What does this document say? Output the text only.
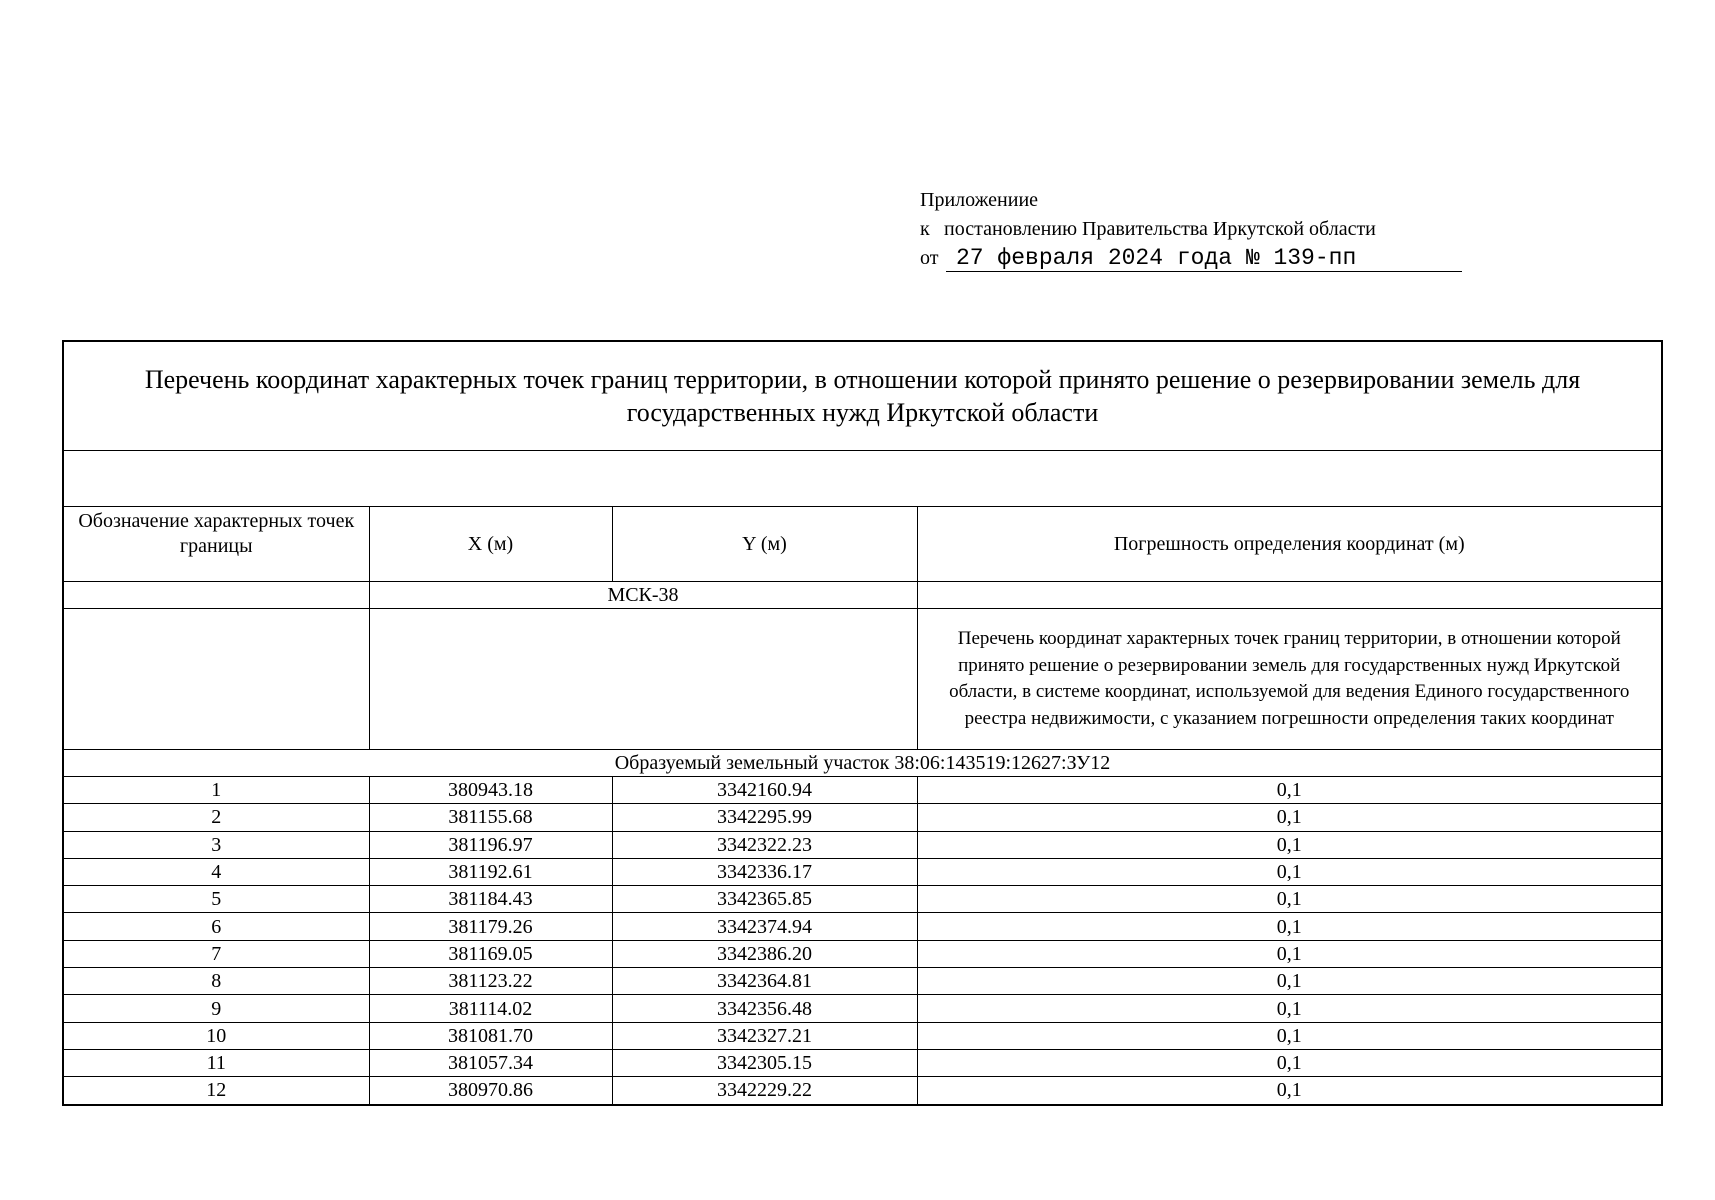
Приложениие
к постановлению Правительства Иркутской области
от 27 февраля 2024 года № 139-пп
Перечень координат характерных точек границ территории, в отношении которой принято решение о резервировании земель для государственных нужд Иркутской области			

Обозначение характерных точек границы	X (м)	Y (м)	Погрешность определения координат (м)
	МСК-38		
			Перечень координат характерных точек границ территории, в отношении которой принято решение о резервировании земель для государственных нужд Иркутской области, в системе координат, используемой для ведения Единого государственного реестра недвижимости, с указанием погрешности определения таких координат
Образуемый земельный участок 38:06:143519:12627:ЗУ12			
1	380943.18	3342160.94	0,1
2	381155.68	3342295.99	0,1
3	381196.97	3342322.23	0,1
4	381192.61	3342336.17	0,1
5	381184.43	3342365.85	0,1
6	381179.26	3342374.94	0,1
7	381169.05	3342386.20	0,1
8	381123.22	3342364.81	0,1
9	381114.02	3342356.48	0,1
10	381081.70	3342327.21	0,1
11	381057.34	3342305.15	0,1
12	380970.86	3342229.22	0,1
